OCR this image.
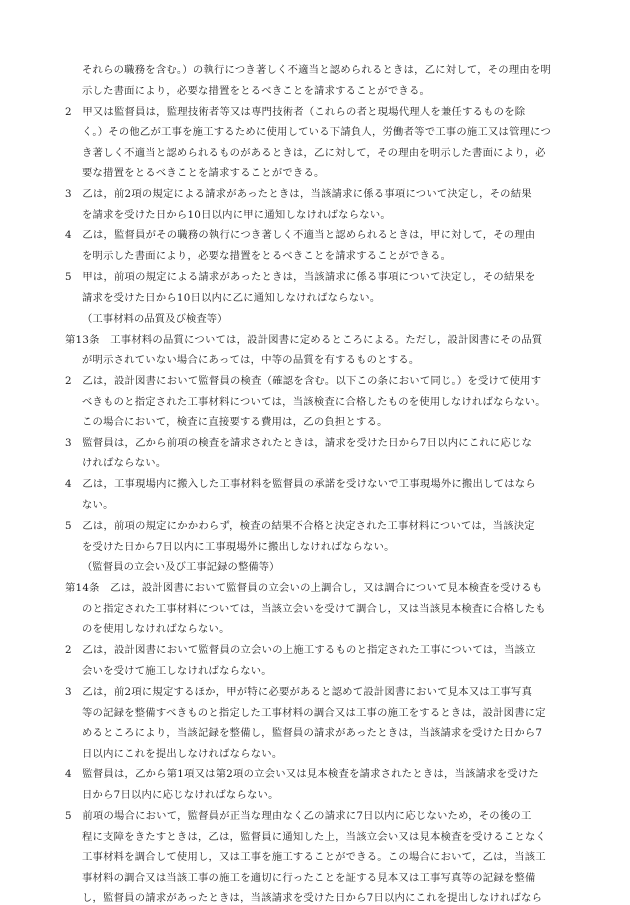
それらの職務を含む。）の執行につき著しく不適当と認められるときは，乙に対して，その理由を明
示した書面により，必要な措置をとるべきことを請求することができる。
2　甲又は監督員は，監理技術者等又は専門技術者（これらの者と現場代理人を兼任するものを除
く。）その他乙が工事を施工するために使用している下請負人，労働者等で工事の施工又は管理につ
き著しく不適当と認められるものがあるときは，乙に対して，その理由を明示した書面により，必
要な措置をとるべきことを請求することができる。
3　乙は，前2項の規定による請求があったときは，当該請求に係る事項について決定し，その結果
を請求を受けた日から10日以内に甲に通知しなければならない。
4　乙は，監督員がその職務の執行につき著しく不適当と認められるときは，甲に対して，その理由
を明示した書面により，必要な措置をとるべきことを請求することができる。
5　甲は，前項の規定による請求があったときは，当該請求に係る事項について決定し，その結果を
請求を受けた日から10日以内に乙に通知しなければならない。
（工事材料の品質及び検査等）
第13条　工事材料の品質については，設計図書に定めるところによる。ただし，設計図書にその品質
が明示されていない場合にあっては，中等の品質を有するものとする。
2　乙は，設計図書において監督員の検査（確認を含む。以下この条において同じ。）を受けて使用す
べきものと指定された工事材料については，当該検査に合格したものを使用しなければならない。
この場合において，検査に直接要する費用は，乙の負担とする。
3　監督員は，乙から前項の検査を請求されたときは，請求を受けた日から7日以内にこれに応じな
ければならない。
4　乙は，工事現場内に搬入した工事材料を監督員の承諾を受けないで工事現場外に搬出してはなら
ない。
5　乙は，前項の規定にかかわらず，検査の結果不合格と決定された工事材料については，当該決定
を受けた日から7日以内に工事現場外に搬出しなければならない。
（監督員の立会い及び工事記録の整備等）
第14条　乙は，設計図書において監督員の立会いの上調合し，又は調合について見本検査を受けるも
のと指定された工事材料については，当該立会いを受けて調合し，又は当該見本検査に合格したも
のを使用しなければならない。
2　乙は，設計図書において監督員の立会いの上施工するものと指定された工事については，当該立
会いを受けて施工しなければならない。
3　乙は，前2項に規定するほか，甲が特に必要があると認めて設計図書において見本又は工事写真
等の記録を整備すべきものと指定した工事材料の調合又は工事の施工をするときは，設計図書に定
めるところにより，当該記録を整備し，監督員の請求があったときは，当該請求を受けた日から7
日以内にこれを提出しなければならない。
4　監督員は，乙から第1項又は第2項の立会い又は見本検査を請求されたときは，当該請求を受けた
日から7日以内に応じなければならない。
5　前項の場合において，監督員が正当な理由なく乙の請求に7日以内に応じないため，その後の工
程に支障をきたすときは，乙は，監督員に通知した上，当該立会い又は見本検査を受けることなく
工事材料を調合して使用し，又は工事を施工することができる。この場合において，乙は，当該工
事材料の調合又は当該工事の施工を適切に行ったことを証する見本又は工事写真等の記録を整備
し，監督員の請求があったときは，当該請求を受けた日から7日以内にこれを提出しなければなら
